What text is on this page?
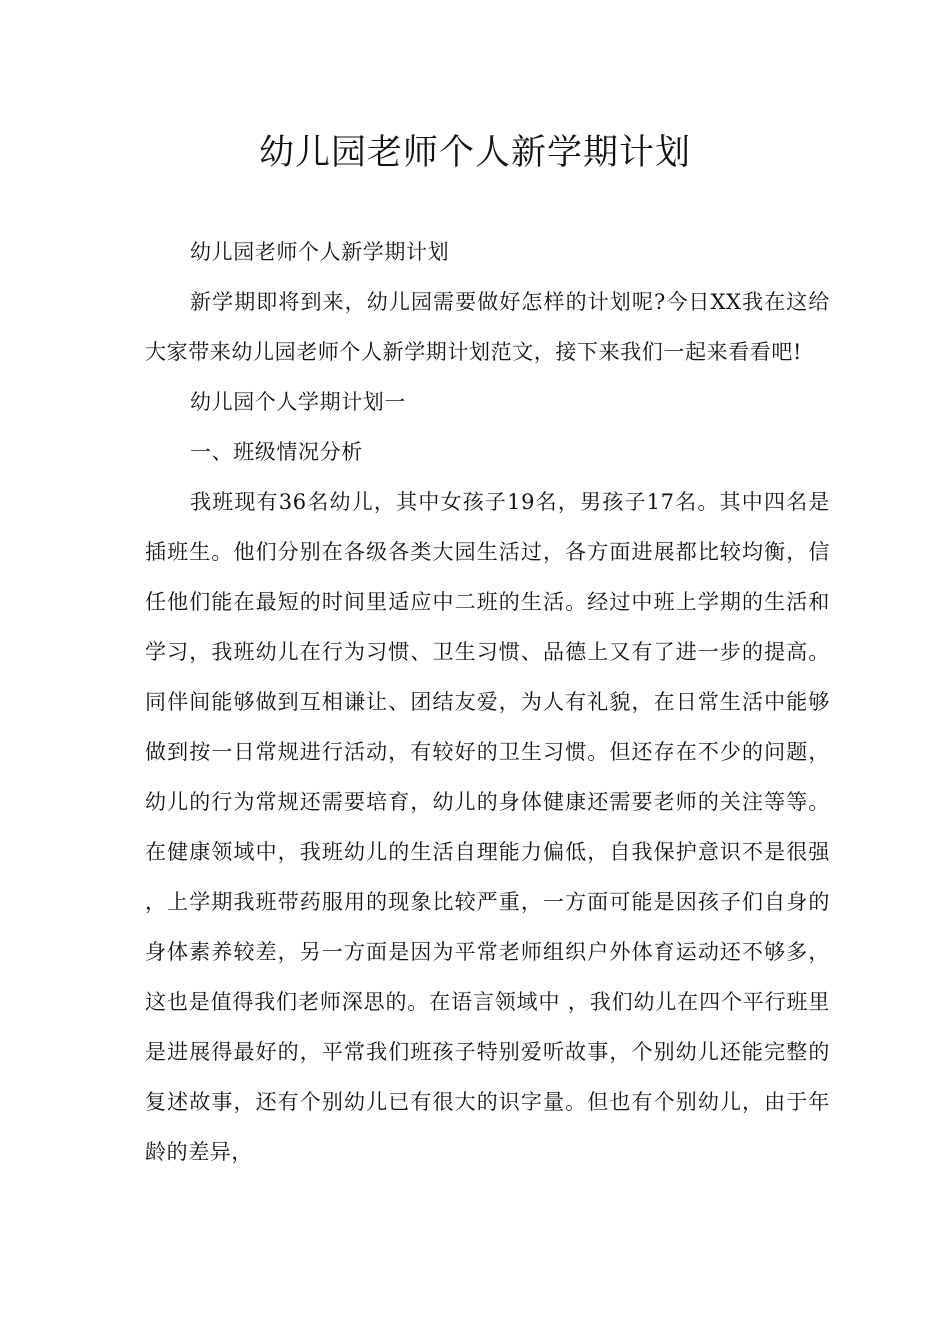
幼儿园老师个人新学期计划

幼儿园老师个人新学期计划

新学期即将到来，幼儿园需要做好怎样的计划呢?今日XX我在这给大家带来幼儿园老师个人新学期计划范文，接下来我们一起来看看吧!

幼儿园个人学期计划一

一、班级情况分析

我班现有36名幼儿，其中女孩子19名，男孩子17名。其中四名是插班生。他们分别在各级各类大园生活过，各方面进展都比较均衡，信任他们能在最短的时间里适应中二班的生活。经过中班上学期的生活和学习，我班幼儿在行为习惯、卫生习惯、品德上又有了进一步的提高。同伴间能够做到互相谦让、团结友爱，为人有礼貌，在日常生活中能够做到按一日常规进行活动，有较好的卫生习惯。但还存在不少的问题，幼儿的行为常规还需要培育，幼儿的身体健康还需要老师的关注等等。在健康领域中，我班幼儿的生活自理能力偏低，自我保护意识不是很强 ，上学期我班带药服用的现象比较严重，一方面可能是因孩子们自身的身体素养较差，另一方面是因为平常老师组织户外体育运动还不够多，这也是值得我们老师深思的。在语言领域中 ，我们幼儿在四个平行班里是进展得最好的，平常我们班孩子特别爱听故事，个别幼儿还能完整的复述故事，还有个别幼儿已有很大的识字量。但也有个别幼儿，由于年龄的差异，
